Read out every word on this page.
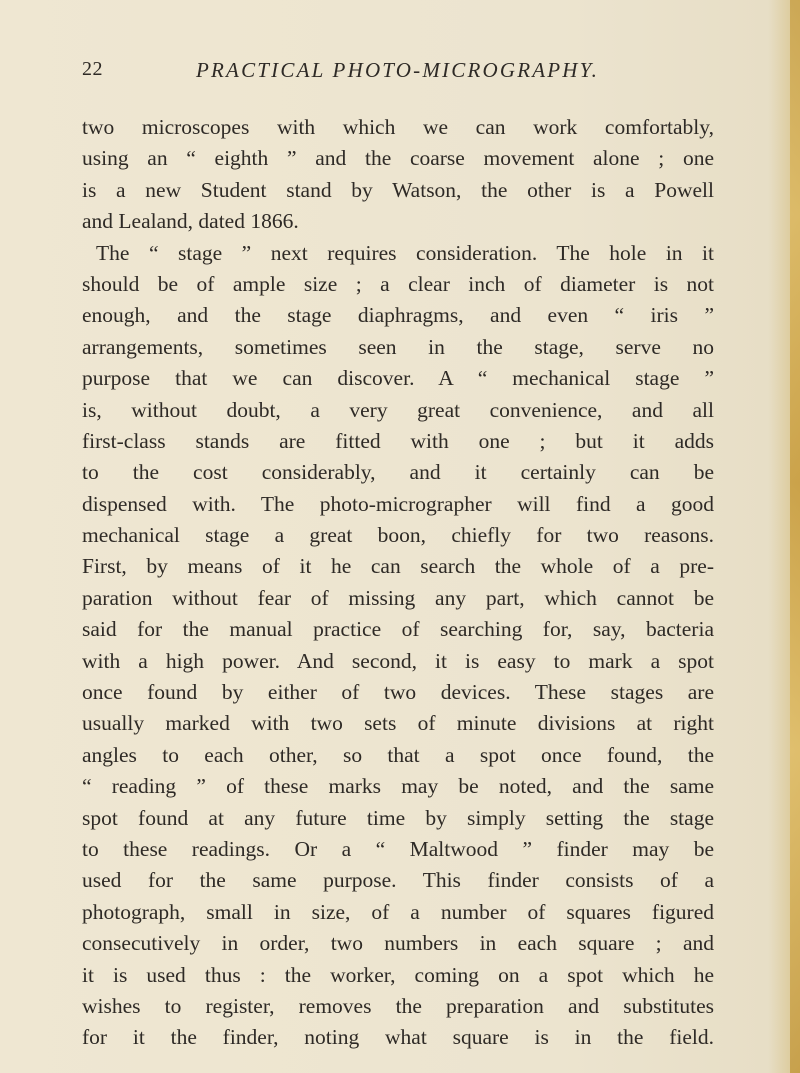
22	PRACTICAL PHOTO-MICROGRAPHY.
two microscopes with which we can work comfortably,
using an “ eighth ” and the coarse movement alone ; one
is a new Student stand by Watson, the other is a Powell
and Lealand, dated 1866.
The “ stage ” next requires consideration. The hole in it
should be of ample size ; a clear inch of diameter is not
enough, and the stage diaphragms, and even “ iris ”
arrangements, sometimes seen in the stage, serve no
purpose that we can discover. A “ mechanical stage ”
is, without doubt, a very great convenience, and all
first-class stands are fitted with one ; but it adds
to the cost considerably, and it certainly can be
dispensed with. The photo-micrographer will find a good
mechanical stage a great boon, chiefly for two reasons.
First, by means of it he can search the whole of a pre-
paration without fear of missing any part, which cannot be
said for the manual practice of searching for, say, bacteria
with a high power. And second, it is easy to mark a spot
once found by either of two devices. These stages are
usually marked with two sets of minute divisions at right
angles to each other, so that a spot once found, the
“ reading ” of these marks may be noted, and the same
spot found at any future time by simply setting the stage
to these readings. Or a “ Maltwood ” finder may be
used for the same purpose. This finder consists of a
photograph, small in size, of a number of squares figured
consecutively in order, two numbers in each square ; and
it is used thus : the worker, coming on a spot which he
wishes to register, removes the preparation and substitutes
for it the finder, noting what square is in the field.
